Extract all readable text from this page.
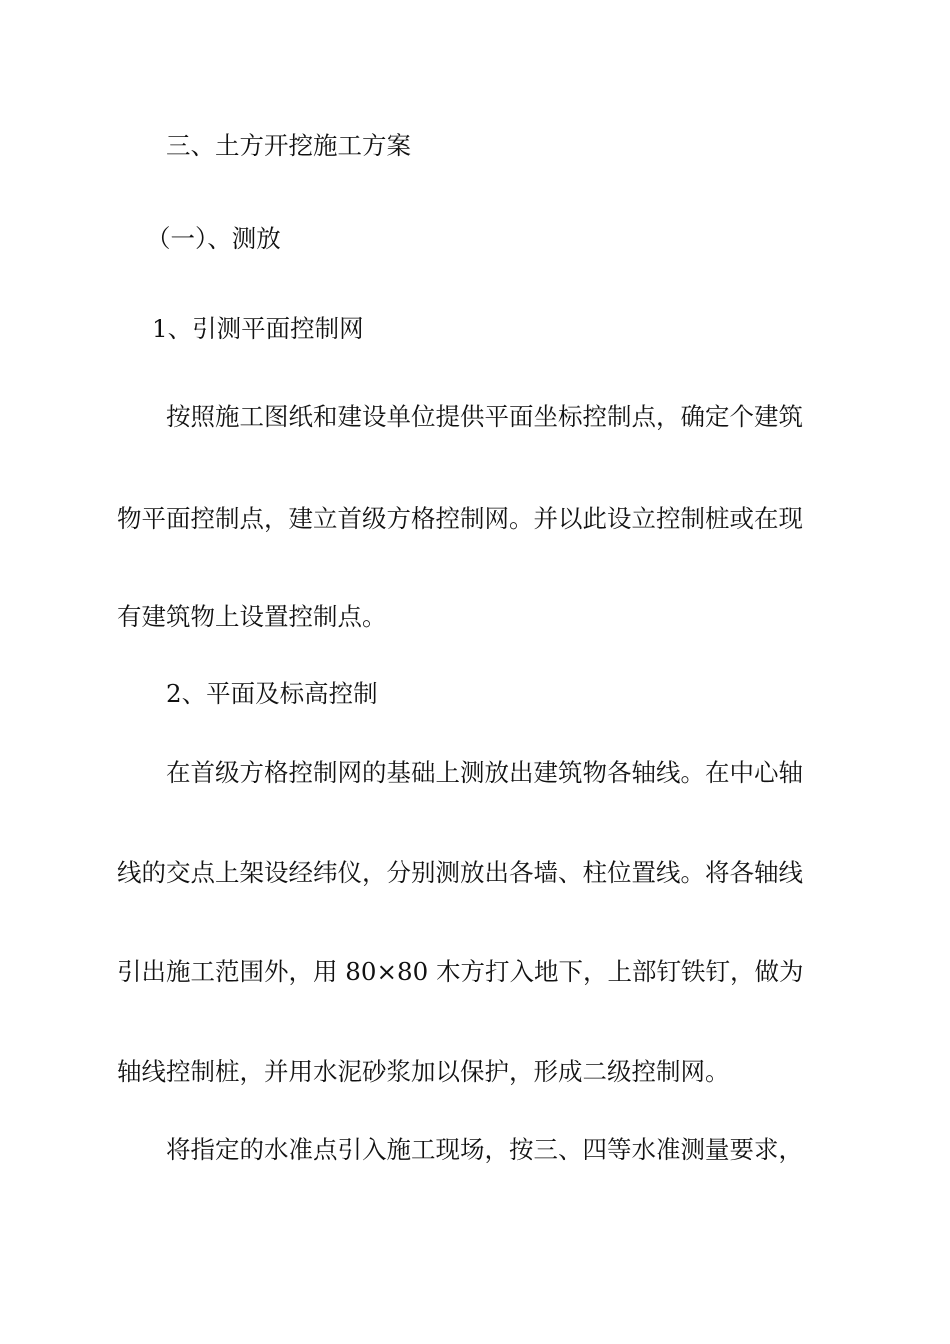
三、土方开挖施工方案
（一）、测放
1、引测平面控制网
按照施工图纸和建设单位提供平面坐标控制点，确定个建筑
物平面控制点，建立首级方格控制网。并以此设立控制桩或在现
有建筑物上设置控制点。
2、平面及标高控制
在首级方格控制网的基础上测放出建筑物各轴线。在中心轴
线的交点上架设经纬仪，分别测放出各墙、柱位置线。将各轴线
引出施工范围外，用 80×80 木方打入地下，上部钉铁钉，做为
轴线控制桩，并用水泥砂浆加以保护，形成二级控制网。
将指定的水准点引入施工现场，按三、四等水准测量要求，
